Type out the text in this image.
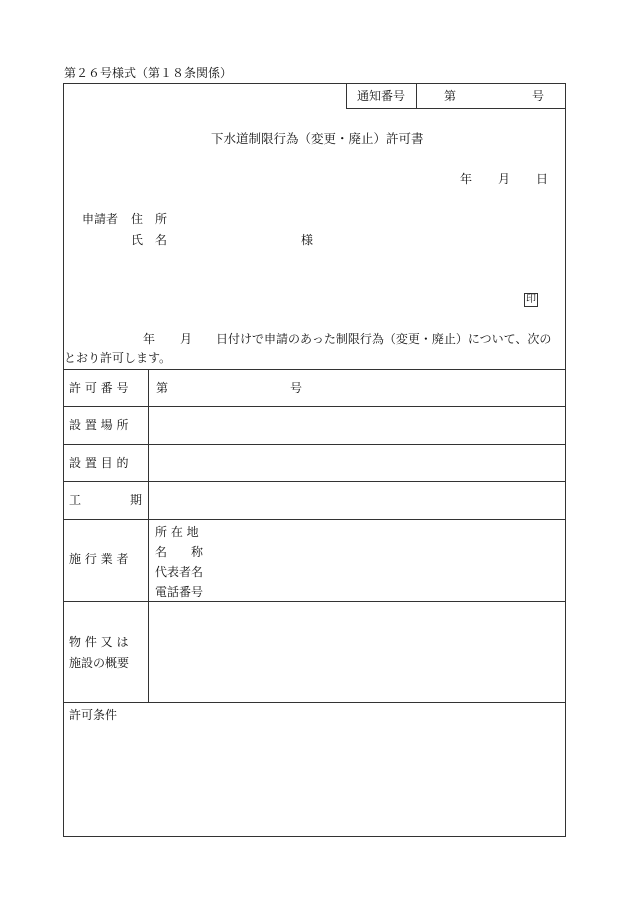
第２６号様式（第１８条関係）
通知番号	第	号
下水道制限行為（変更・廃止）許可書
年 月 日
申請者 住　所
氏　名	様
印
年 月 日付けで申請のあった制限行為（変更・廃止）について、次の
とおり許可します。
許 可 番 号 第	号
設 置 場 所
設 置 目 的
工	期
施 行 業 者
所 在 地
名　　称
代表者名
電話番号
物 件 又 は
施設の概要
許可条件
